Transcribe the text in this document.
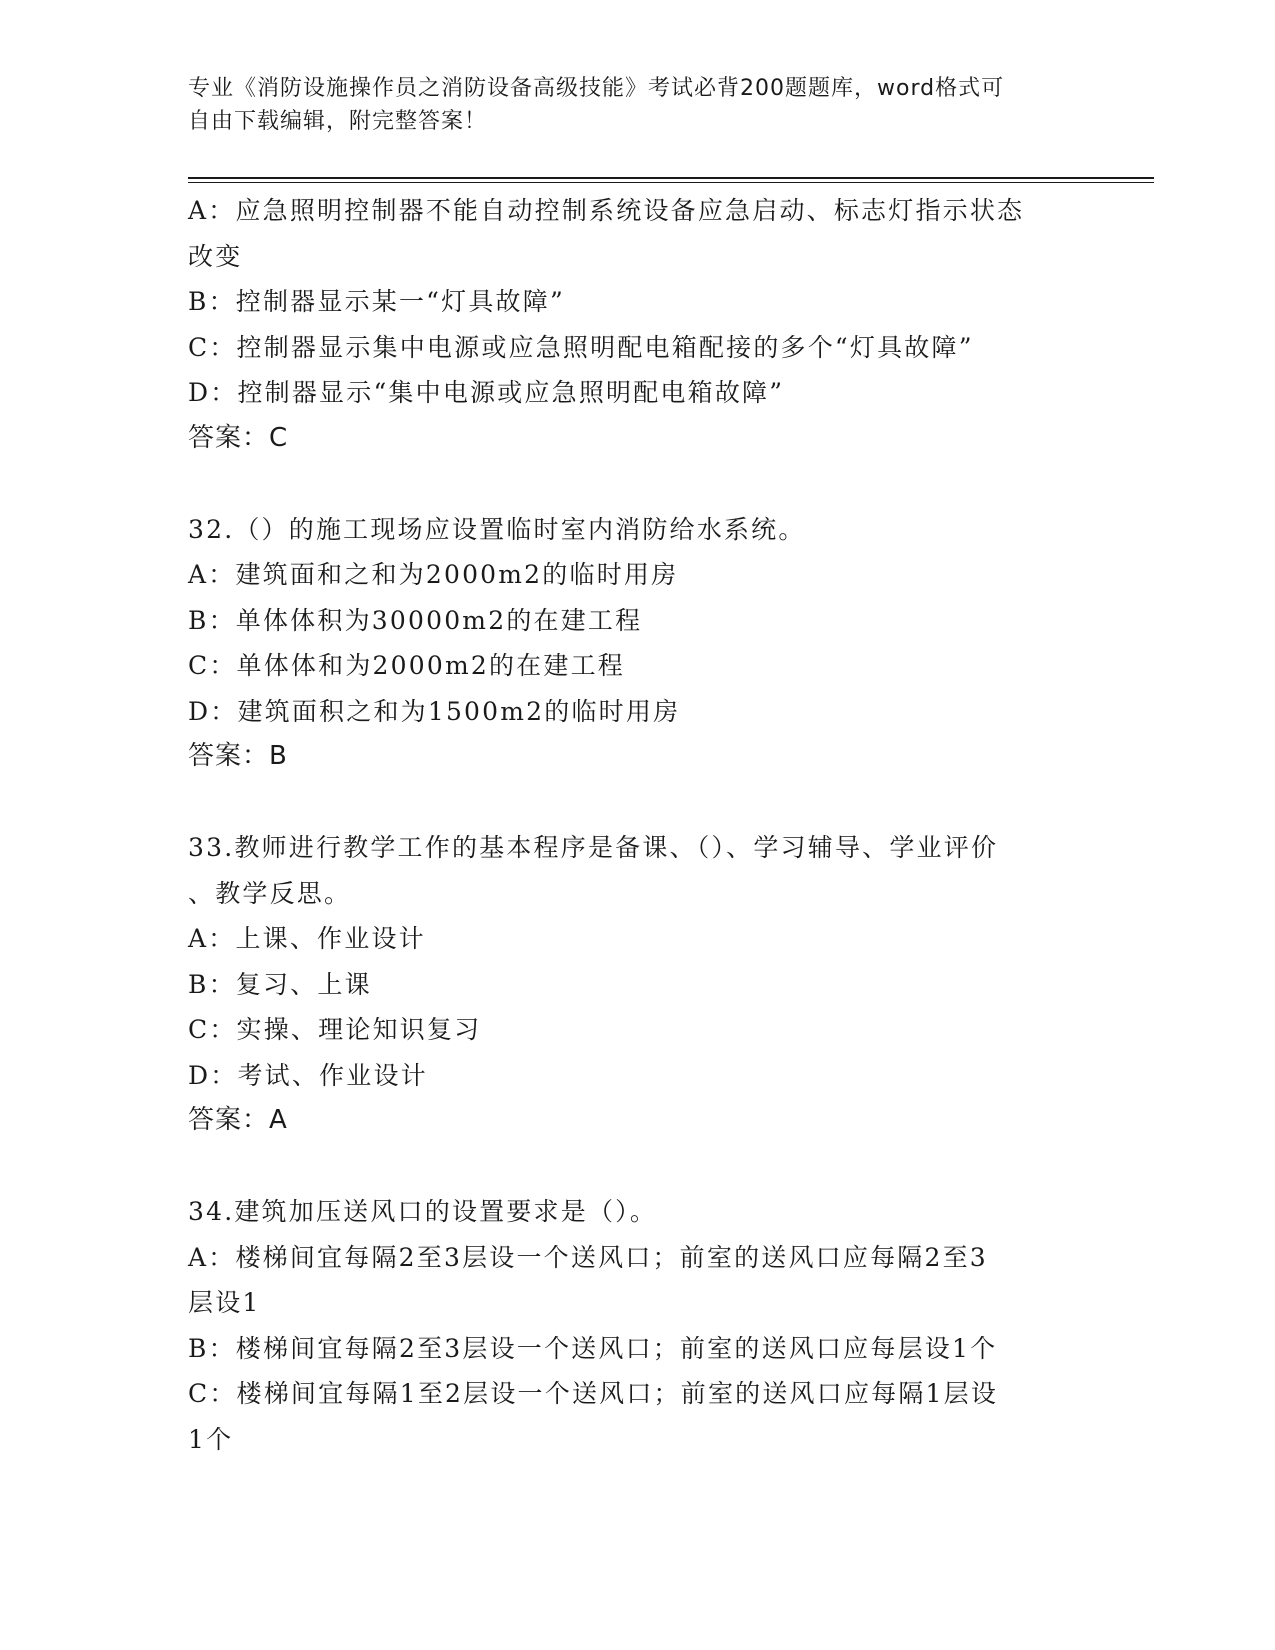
专业《消防设施操作员之消防设备高级技能》考试必背200题题库，word格式可
自由下载编辑，附完整答案！
A：应急照明控制器不能自动控制系统设备应急启动、标志灯指示状态
改变
B：控制器显示某一“灯具故障”
C：控制器显示集中电源或应急照明配电箱配接的多个“灯具故障”
D：控制器显示“集中电源或应急照明配电箱故障”
答案：C
32.（）的施工现场应设置临时室内消防给水系统。
A：建筑面和之和为2000m2的临时用房
B：单体体积为30000m2的在建工程
C：单体体和为2000m2的在建工程
D：建筑面积之和为1500m2的临时用房
答案：B
33.教师进行教学工作的基本程序是备课、（）、学习辅导、学业评价
、教学反思。
A：上课、作业设计
B：复习、上课
C：实操、理论知识复习
D：考试、作业设计
答案：A
34.建筑加压送风口的设置要求是（）。
A：楼梯间宜每隔2至3层设一个送风口；前室的送风口应每隔2至3
层设1
B：楼梯间宜每隔2至3层设一个送风口；前室的送风口应每层设1个
C：楼梯间宜每隔1至2层设一个送风口；前室的送风口应每隔1层设
1个
